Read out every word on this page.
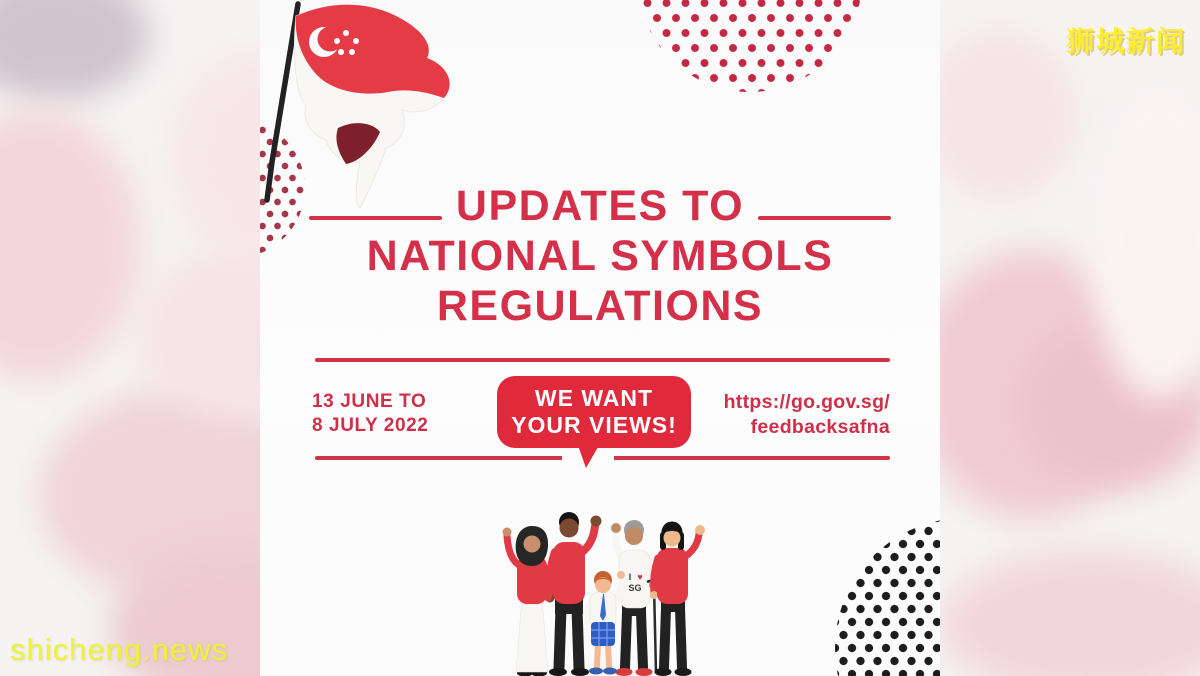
UPDATES TO
NATIONAL SYMBOLS
REGULATIONS
13 JUNE TO
8 JULY 2022
WE WANT
YOUR VIEWS!
https://go.gov.sg/
feedbacksafna
I ♥
SG
狮城新闻
shicheng.news
